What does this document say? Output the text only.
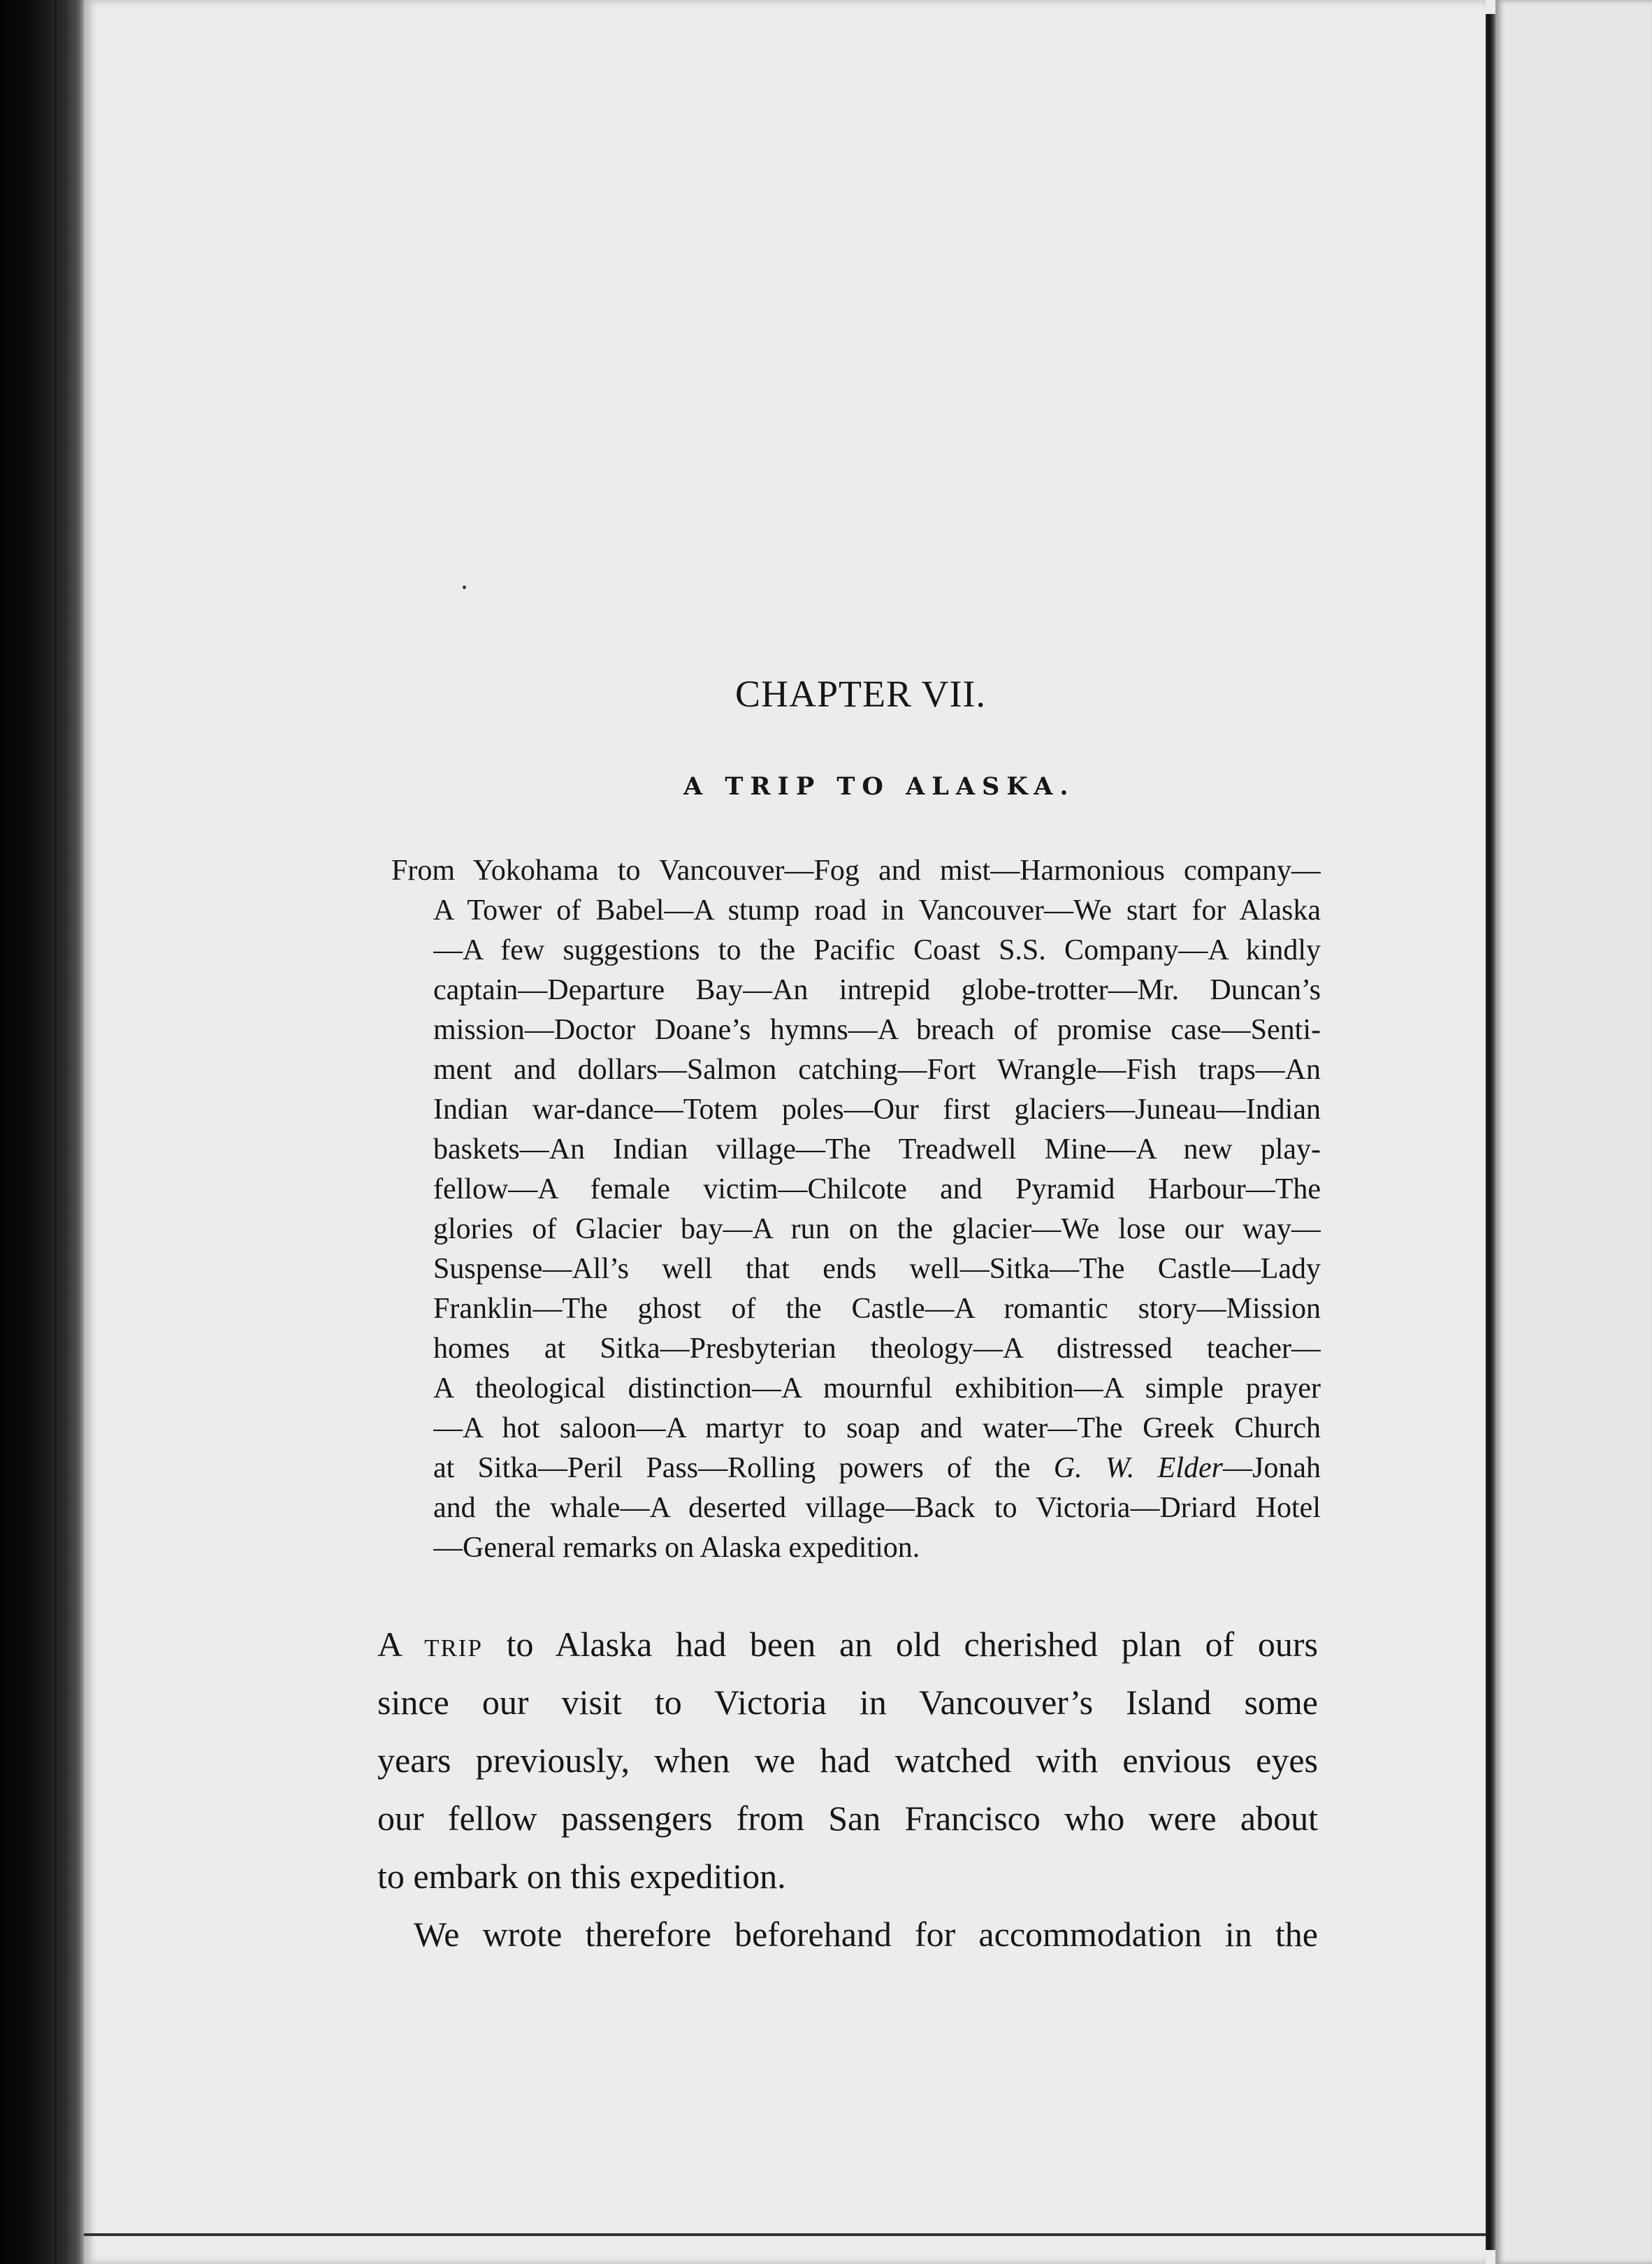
CHAPTER VII.
A TRIP TO ALASKA.
From Yokohama to Vancouver—Fog and mist—Harmonious company—
A Tower of Babel—A stump road in Vancouver—We start for Alaska
—A few suggestions to the Pacific Coast S.S. Company—A kindly
captain—Departure Bay—An intrepid globe-trotter—Mr. Duncan’s
mission—Doctor Doane’s hymns—A breach of promise case—Senti-
ment and dollars—Salmon catching—Fort Wrangle—Fish traps—An
Indian war-dance—Totem poles—Our first glaciers—Juneau—Indian
baskets—An Indian village—The Treadwell Mine—A new play-
fellow—A female victim—Chilcote and Pyramid Harbour—The
glories of Glacier bay—A run on the glacier—We lose our way—
Suspense—All’s well that ends well—Sitka—The Castle—Lady
Franklin—The ghost of the Castle—A romantic story—Mission
homes at Sitka—Presbyterian theology—A distressed teacher—
A theological distinction—A mournful exhibition—A simple prayer
—A hot saloon—A martyr to soap and water—The Greek Church
at Sitka—Peril Pass—Rolling powers of the G. W. Elder—Jonah
and the whale—A deserted village—Back to Victoria—Driard Hotel
—General remarks on Alaska expedition.
A trip to Alaska had been an old cherished plan of ours
since our visit to Victoria in Vancouver’s Island some
years previously, when we had watched with envious eyes
our fellow passengers from San Francisco who were about
to embark on this expedition.
We wrote therefore beforehand for accommodation in the
